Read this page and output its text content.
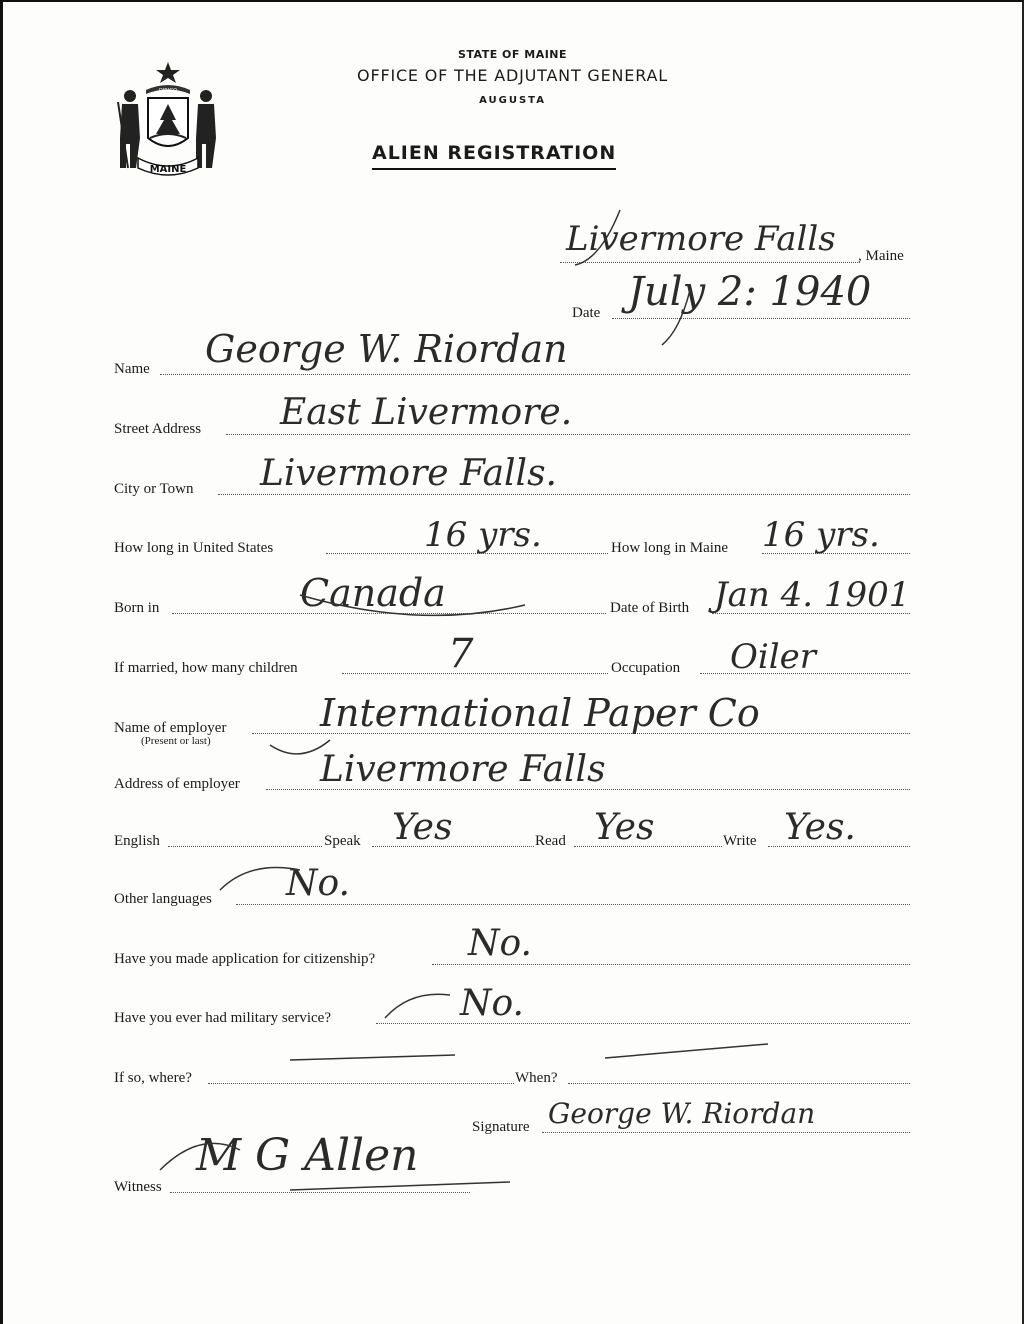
DIRIGO
MAINE
STATE OF MAINE
OFFICE OF THE ADJUTANT GENERAL
AUGUSTA
ALIEN REGISTRATION
Livermore Falls , Maine
Date July 2: 1940
Name George W. Riordan
Street Address East Livermore.
City or Town Livermore Falls.
How long in United States	16 yrs.	How long in Maine 16 yrs.
Born in	Canada	Date of Birth Jan 4. 1901
If married, how many children	7	Occupation Oiler
Name of employer
(Present or last)
International Paper Co
Address of employer Livermore Falls
English	Speak Yes	Read Yes	Write Yes.
Other languages No.
Have you made application for citizenship?	No.
Have you ever had military service?	No.
If so, where?	When?
Signature George W. Riordan
Witness
M G Allen
